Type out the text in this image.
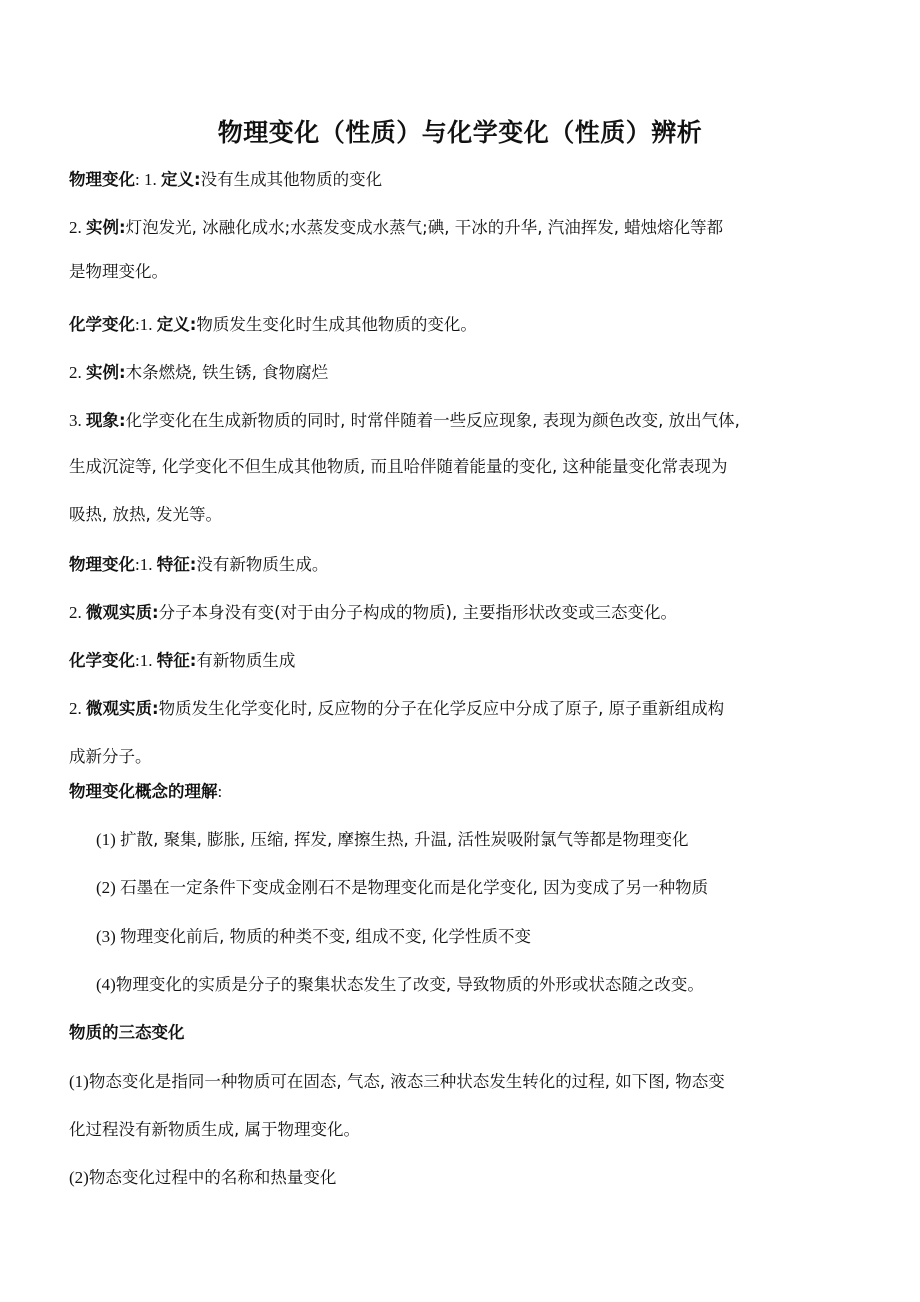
物理变化（性质）与化学变化（性质）辨析
物理变化: 1. 定义:没有生成其他物质的变化
2. 实例:灯泡发光, 冰融化成水;水蒸发变成水蒸气;碘, 干冰的升华, 汽油挥发, 蜡烛熔化等都
是物理变化。
化学变化:1. 定义:物质发生变化时生成其他物质的变化。
2. 实例:木条燃烧, 铁生锈, 食物腐烂
3. 现象:化学变化在生成新物质的同时, 时常伴随着一些反应现象, 表现为颜色改变, 放出气体,
生成沉淀等, 化学变化不但生成其他物质, 而且哈伴随着能量的变化, 这种能量变化常表现为
吸热, 放热, 发光等。
物理变化:1. 特征:没有新物质生成。
2. 微观实质:分子本身没有变(对于由分子构成的物质), 主要指形状改变或三态变化。
化学变化:1. 特征:有新物质生成
2. 微观实质:物质发生化学变化时, 反应物的分子在化学反应中分成了原子, 原子重新组成构
成新分子。
物理变化概念的理解:
(1) 扩散, 聚集, 膨胀, 压缩, 挥发, 摩擦生热, 升温, 活性炭吸附氯气等都是物理变化
(2) 石墨在一定条件下变成金刚石不是物理变化而是化学变化, 因为变成了另一种物质
(3) 物理变化前后, 物质的种类不变, 组成不变, 化学性质不变
(4)物理变化的实质是分子的聚集状态发生了改变, 导致物质的外形或状态随之改变。
物质的三态变化
(1)物态变化是指同一种物质可在固态, 气态, 液态三种状态发生转化的过程, 如下图, 物态变
化过程没有新物质生成, 属于物理变化。
(2)物态变化过程中的名称和热量变化
